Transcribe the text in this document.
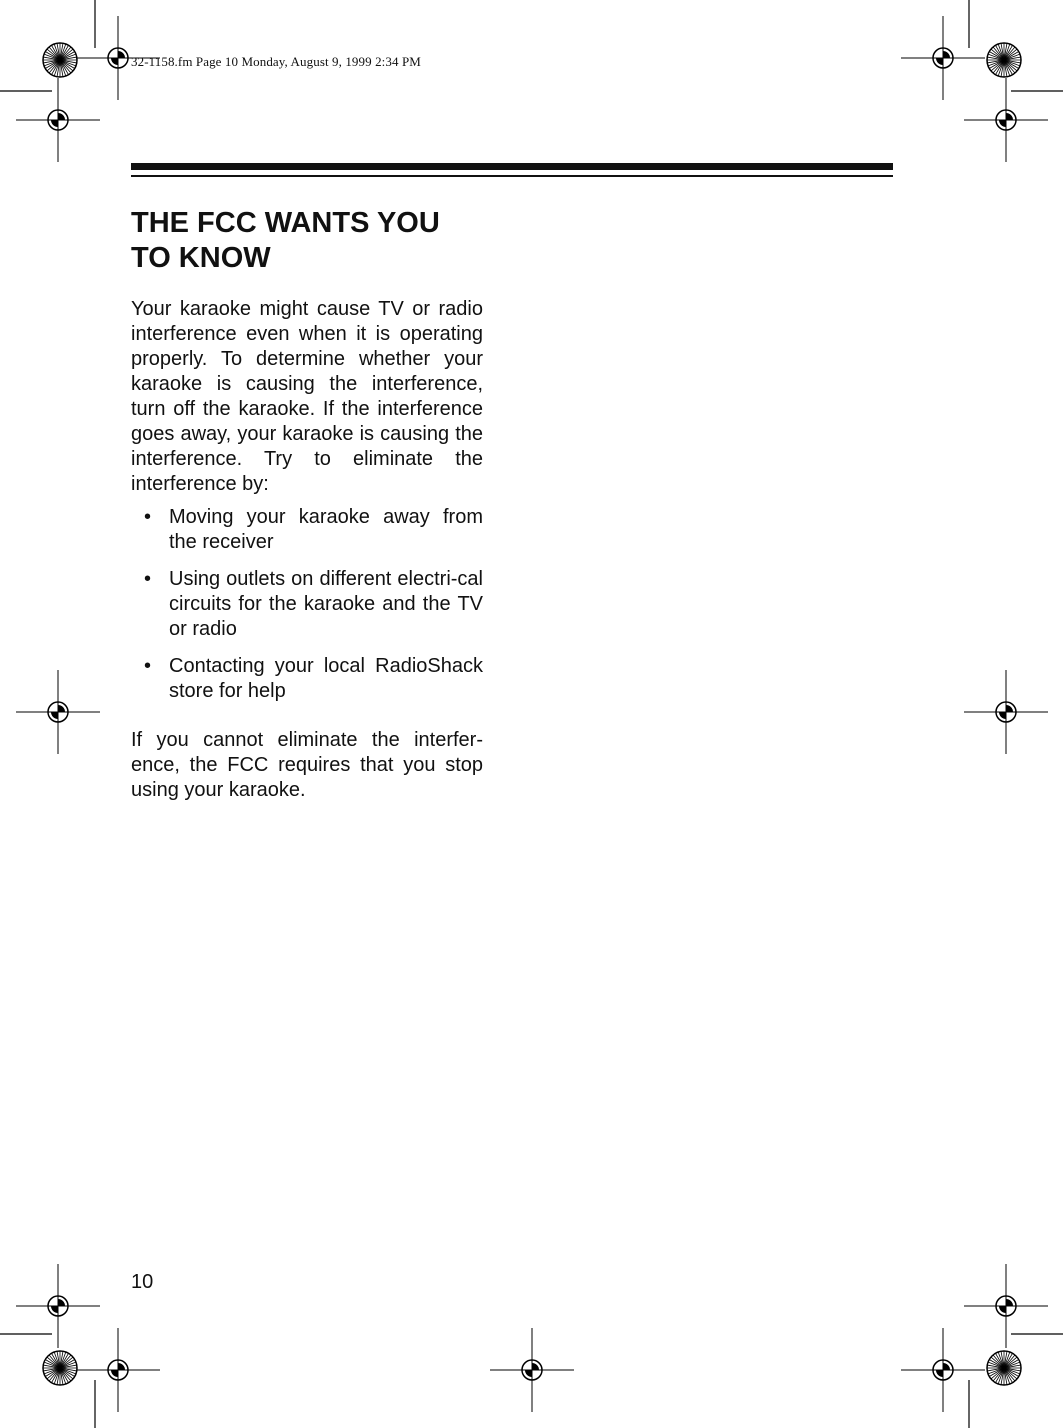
32-1158.fm Page 10 Monday, August 9, 1999 2:34 PM
THE FCC WANTS YOU
TO KNOW

Your karaoke might cause TV or radio interference even when it is operating properly. To determine whether your karaoke is causing the interference, turn off the karaoke. If the interference goes away, your karaoke is causing the interference. Try to eliminate the interference by:

• Moving your karaoke away from the receiver
• Using outlets on different electri-cal circuits for the karaoke and the TV or radio
• Contacting your local RadioShack store for help

If you cannot eliminate the interfer-ence, the FCC requires that you stop using your karaoke.

10
